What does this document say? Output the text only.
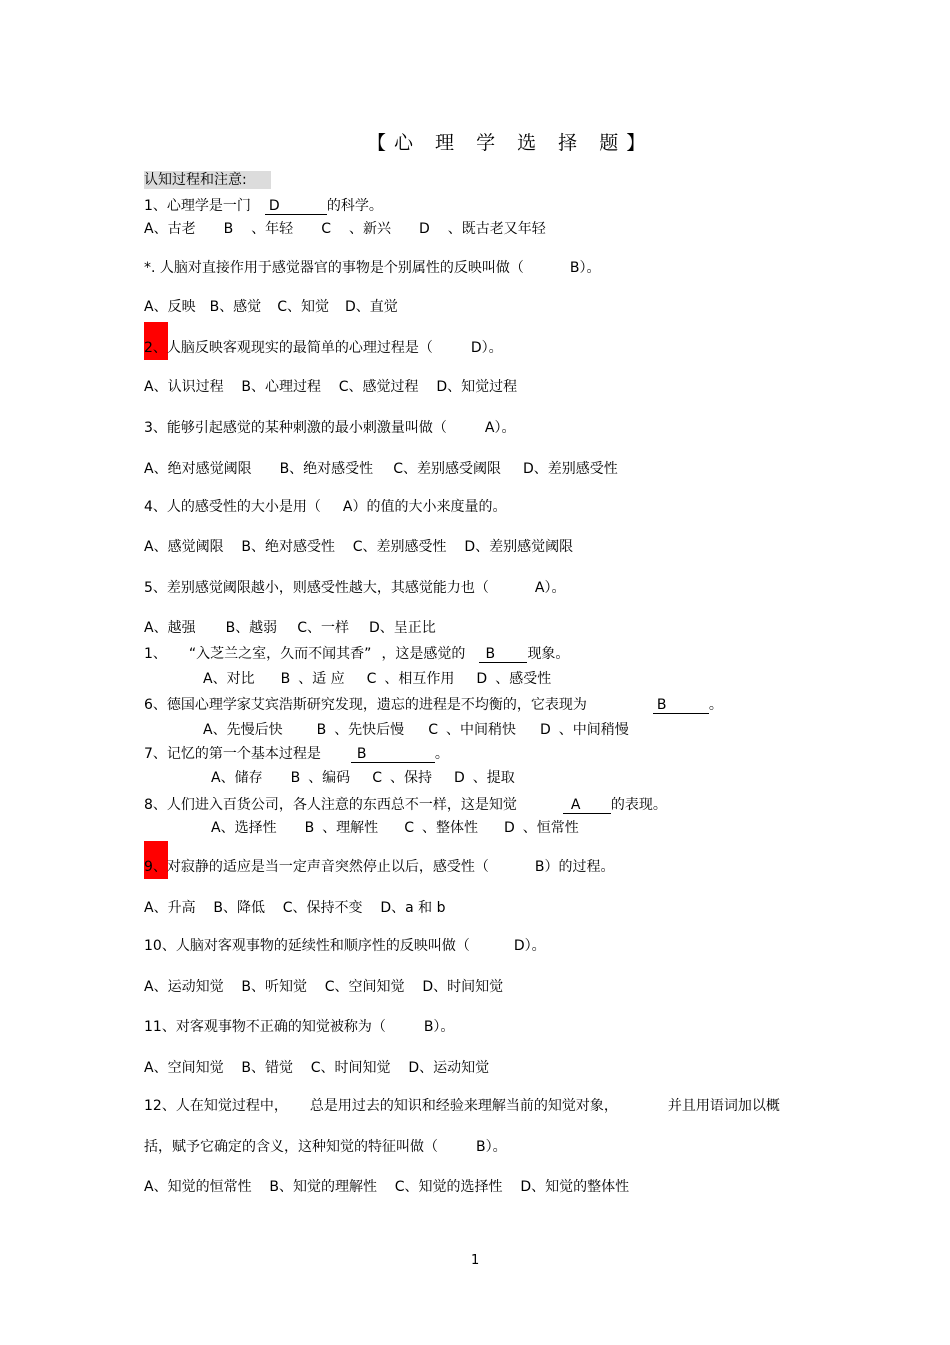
【心 理 学 选 择 题】
认知过程和注意:
1、心理学是一门 D	的科学。
A、古老 B 、年轻 C 、新兴 D 、既古老又年轻
*. 人脑对直接作用于感觉器官的事物是个别属性的反映叫做（	B）。
A、反映 B、感觉 C、知觉 D、直觉
2、人脑反映客观现实的最简单的心理过程是（	D）。
A、认识过程    B、心理过程    C、感觉过程    D、知觉过程
3、能够引起感觉的某种刺激的最小刺激量叫做（	A）。
A、绝对感觉阈限 B、绝对感受性 C、差别感受阈限 D、差别感受性
4、人的感受性的大小是用（ A）的值的大小来度量的。
A、感觉阈限    B、绝对感受性    C、差别感受性    D、差别感觉阈限
5、差别感觉阈限越小，则感受性越大，其感觉能力也（	A）。
A、越强 B、越弱 C、一样 D、呈正比
1、 “入芝兰之室，久而不闻其香” ，这是感觉的 B 现象。
A、对比 B 、适 应 C 、相互作用 D 、感受性
6、德国心理学家艾宾浩斯研究发现，遗忘的进程是不均衡的，它表现为	B	。
A、先慢后快 B 、先快后慢 C 、中间稍快 D 、中间稍慢
7、记忆的第一个基本过程是	B	。
A、储存 B 、编码 C 、保持 D 、提取
8、人们进入百货公司，各人注意的东西总不一样，这是知觉	A 的表现。
A、选择性 B 、理解性 C 、整体性 D 、恒常性
9、对寂静的适应是当一定声音突然停止以后，感受性（	B）的过程。
A、升高    B、降低    C、保持不变    D、a 和 b
10、人脑对客观事物的延续性和顺序性的反映叫做（	D）。
A、运动知觉    B、听知觉    C、空间知觉    D、时间知觉
11、对客观事物不正确的知觉被称为（	B）。
A、空间知觉    B、错觉    C、时间知觉    D、运动知觉
12、人在知觉过程中， 总是用过去的知识和经验来理解当前的知觉对象，	并且用语词加以概
括，赋予它确定的含义，这种知觉的特征叫做（	B）。
A、知觉的恒常性    B、知觉的理解性    C、知觉的选择性    D、知觉的整体性
1
